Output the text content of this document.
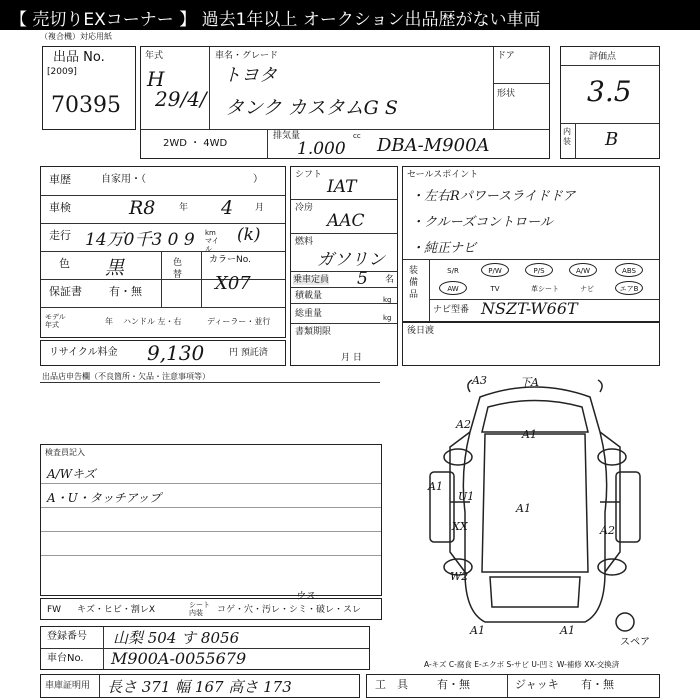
【 売切りEXコーナー 】 過去1年以上 オークション出品歴がない車両
（複合機）対応用紙
出品 No.
[2009]
70395
年式
H
29/4/
車名・グレード
トヨタ
タンク カスタムG S
ドア
形状
2WD ・ 4WD
排気量	cc
1.000 DBA-M900A
評価点
3.5
内装 B
車歴	自家用・（	）
車検	R8	年 4 月
走行 14万0千3 0 9 km マイル
(k)
色 黒	色替
カラーNo.
X07
保証書 有・無
モデル年式	年 ハンドル 左・右	ディーラー・並行
リサイクル料金 9,130	円 預託済
シフト
IAT
冷房
AAC
燃料
ガソリン
乗車定員 5 名
積載量	kg
総重量	kg
書類期限
月 日
セールスポイント
・左右Rパワースライドドア
・クルーズコントロール
・純正ナビ
装備品
S/R	P/W	P/S	A/W	ABS
AW	TV	革シート	ナビ	エアB
ナビ型番 NSZT-W66T
後日渡
出品店申告欄（不良箇所・欠品・注意事項等）
検査員記入
A/Wキズ
A・U・タッチアップ
A3	下A
A2
A1
A1
U1
A1
A2
XX
W2
A1	A1
スペア
FW キズ・ヒビ・割レX	シート内装	コゲ・穴・汚レ・シミ・破レ・スレ
ウス
登録番号 山梨 504 す 8056
車台No. M900A-0055679	A-キズ C-腐食 E-エクボ S-サビ U-凹ミ W-補修 XX-交換済
車庫証明用 長さ 371 幅 167 高さ 173	工　具	有・無	ジャッキ 有・無
